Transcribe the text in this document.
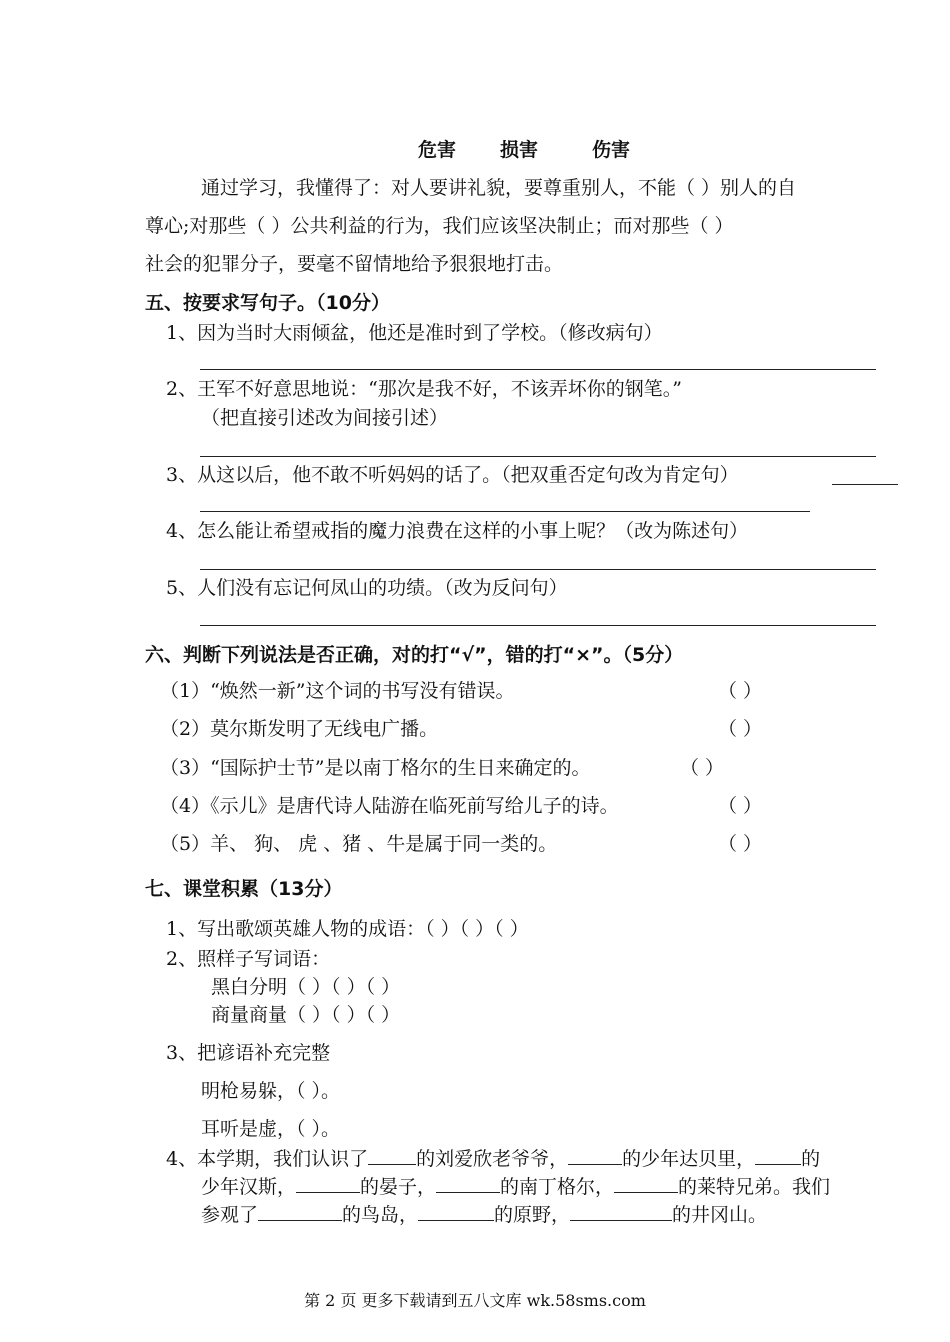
危害 损害	伤害
通过学习，我懂得了：对人要讲礼貌，要尊重别人，不能（ ）别人的自
尊心;对那些（ ）公共利益的行为，我们应该坚决制止；而对那些（ ）
社会的犯罪分子，要毫不留情地给予狠狠地打击。
五、按要求写句子。（10分）
1、因为当时大雨倾盆，他还是准时到了学校。（修改病句）
2、王军不好意思地说：“那次是我不好，不该弄坏你的钢笔。”
（把直接引述改为间接引述）
3、从这以后，他不敢不听妈妈的话了。（把双重否定句改为肯定句）
4、怎么能让希望戒指的魔力浪费在这样的小事上呢？（改为陈述句）
5、人们没有忘记何凤山的功绩。（改为反问句）
六、判断下列说法是否正确，对的打“√”，错的打“×”。（5分）
（1）“焕然一新”这个词的书写没有错误。	（ ）
（2）莫尔斯发明了无线电广播。	（ ）
（3）“国际护士节”是以南丁格尔的生日来确定的。	（ ）
（4）《示儿》是唐代诗人陆游在临死前写给儿子的诗。	（ ）
（5）羊、 狗、 虎 、猪 、牛是属于同一类的。	（ ）
七、课堂积累（13分）
1、写出歌颂英雄人物的成语：（ ）（ ）（ ）
2、照样子写词语：
黑白分明（ ）（ ）（ ）
商量商量（ ）（ ）（ ）
3、把谚语补充完整
明枪易躲，（ ）。
耳听是虚，（ ）。
4、本学期，我们认识了	的刘爱欣老爷爷，	的少年达贝里， 的
少年汉斯，	的晏子，	的南丁格尔，	的莱特兄弟。我们
参观了	的鸟岛，	的原野，	的井冈山。
第 2 页 更多下载请到五八文库 wk.58sms.com
